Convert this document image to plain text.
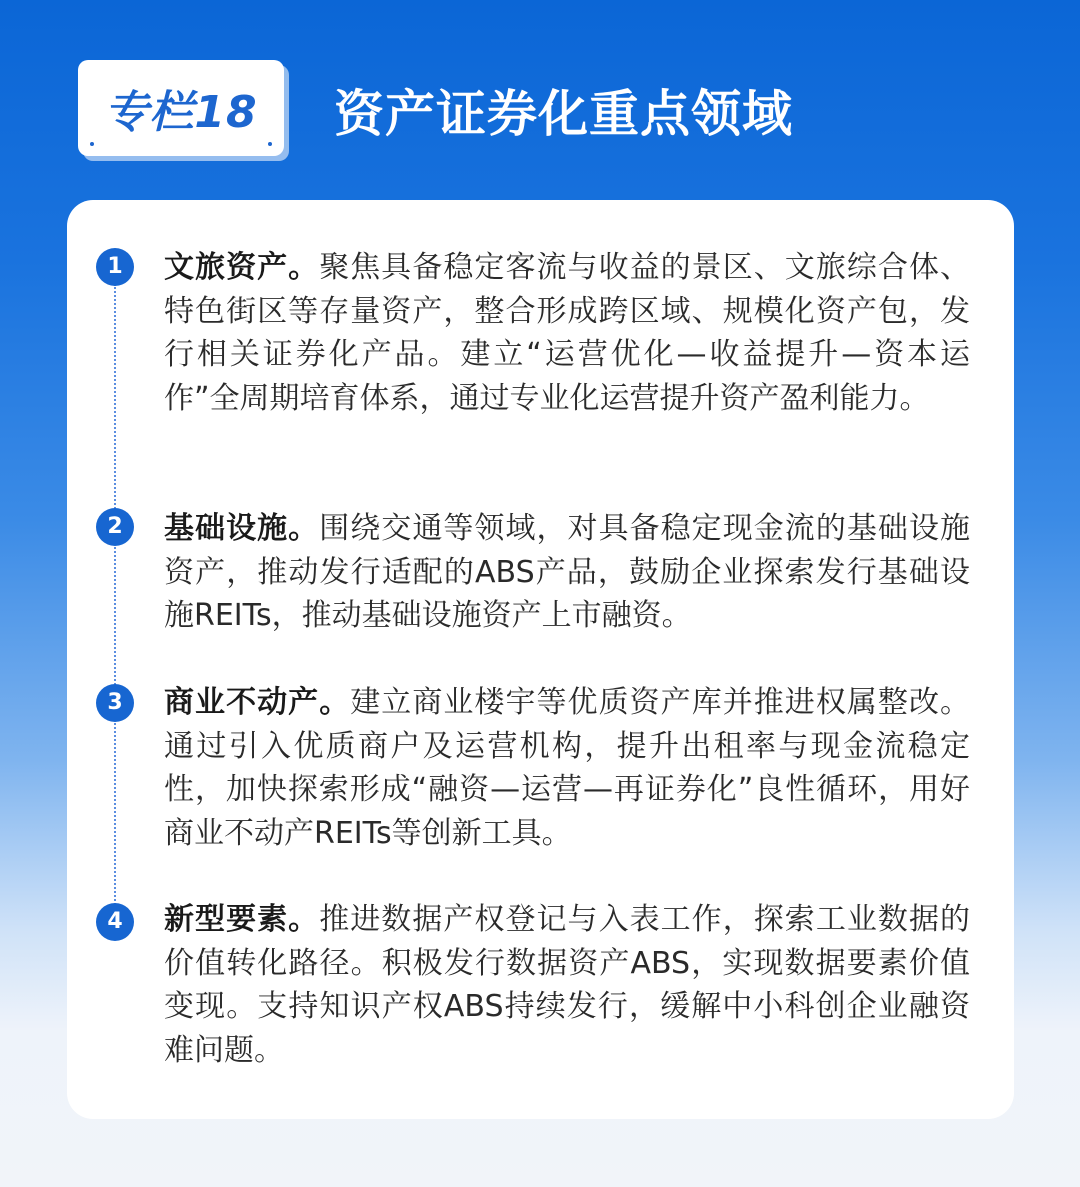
专栏18 资产证券化重点领域
1	文旅资产。聚焦具备稳定客流与收益的景区、文旅综合体、特色街区等存量资产，整合形成跨区域、规模化资产包，发行相关证券化产品。建立“运营优化—收益提升—资本运作”全周期培育体系，通过专业化运营提升资产盈利能力。

2	基础设施。围绕交通等领域，对具备稳定现金流的基础设施资产，推动发行适配的ABS产品，鼓励企业探索发行基础设施REITs，推动基础设施资产上市融资。

3	商业不动产。建立商业楼宇等优质资产库并推进权属整改。通过引入优质商户及运营机构，提升出租率与现金流稳定性，加快探索形成“融资—运营—再证券化”良性循环，用好商业不动产REITs等创新工具。

4	新型要素。推进数据产权登记与入表工作，探索工业数据的价值转化路径。积极发行数据资产ABS，实现数据要素价值变现。支持知识产权ABS持续发行，缓解中小科创企业融资难问题。
